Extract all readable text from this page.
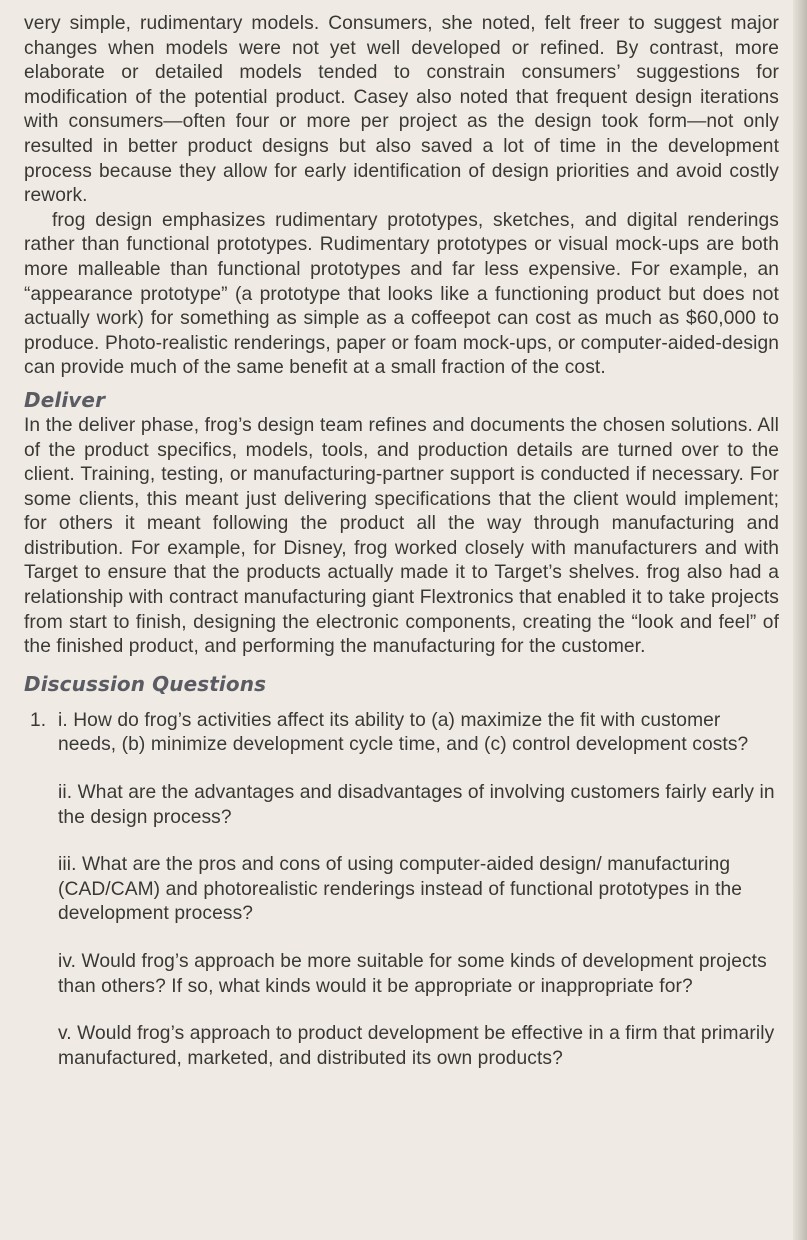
very simple, rudimentary models. Consumers, she noted, felt freer to suggest major changes when models were not yet well developed or refined. By contrast, more elaborate or detailed models tended to constrain consumers’ suggestions for modification of the potential product. Casey also noted that frequent design iterations with consumers—often four or more per project as the design took form—not only resulted in better product designs but also saved a lot of time in the development process because they allow for early identification of design priorities and avoid costly rework.

frog design emphasizes rudimentary prototypes, sketches, and digital renderings rather than functional prototypes. Rudimentary prototypes or visual mock-ups are both more malleable than functional prototypes and far less expensive. For example, an “appearance prototype” (a prototype that looks like a functioning product but does not actually work) for something as simple as a coffeepot can cost as much as $60,000 to produce. Photo-realistic renderings, paper or foam mock-ups, or computer-aided-design can provide much of the same benefit at a small fraction of the cost.

Deliver

In the deliver phase, frog’s design team refines and documents the chosen solutions. All of the product specifics, models, tools, and production details are turned over to the client. Training, testing, or manufacturing-partner support is conducted if necessary. For some clients, this meant just delivering specifications that the client would implement; for others it meant following the product all the way through manufacturing and distribution. For example, for Disney, frog worked closely with manufacturers and with Target to ensure that the products actually made it to Target’s shelves. frog also had a relationship with contract manufacturing giant Flextronics that enabled it to take projects from start to finish, designing the electronic components, creating the “look and feel” of the finished product, and performing the manufacturing for the customer.

Discussion Questions
1. i. How do frog’s activities affect its ability to (a) maximize the fit with customer needs, (b) minimize development cycle time, and (c) control development costs?

ii. What are the advantages and disadvantages of involving customers fairly early in the design process?

iii. What are the pros and cons of using computer-aided design/ manufacturing (CAD/CAM) and photorealistic renderings instead of functional prototypes in the development process?

iv. Would frog’s approach be more suitable for some kinds of development projects than others? If so, what kinds would it be appropriate or inappropriate for?

v. Would frog’s approach to product development be effective in a firm that primarily manufactured, marketed, and distributed its own products?
